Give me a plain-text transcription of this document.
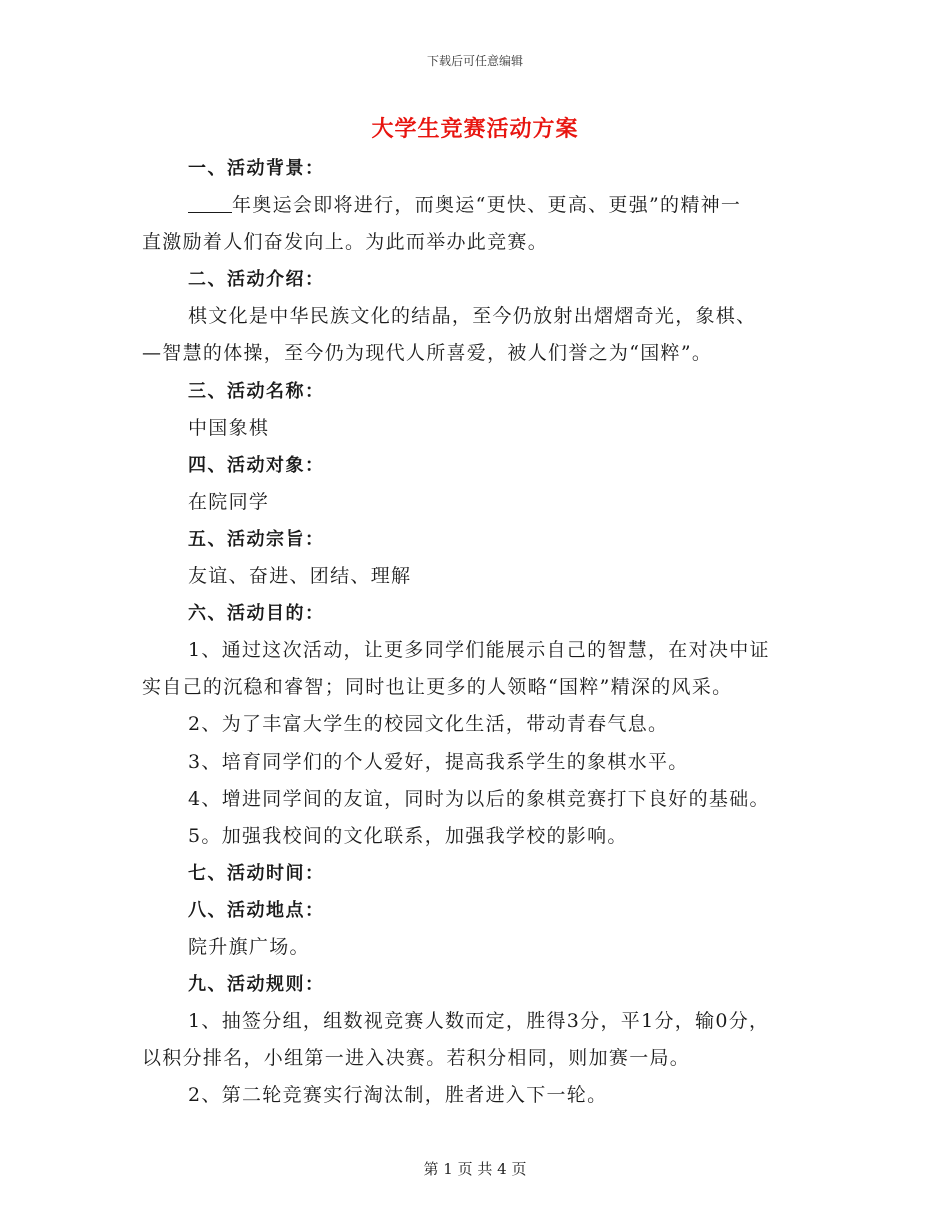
下载后可任意编辑
大学生竞赛活动方案
一、活动背景：
年奥运会即将进行，而奥运“更快、更高、更强”的精神一
直激励着人们奋发向上。为此而举办此竞赛。
二、活动介绍：
棋文化是中华民族文化的结晶，至今仍放射出熠熠奇光，象棋、
—智慧的体操，至今仍为现代人所喜爱，被人们誉之为“国粹”。
三、活动名称：
中国象棋
四、活动对象：
在院同学
五、活动宗旨：
友谊、奋进、团结、理解
六、活动目的：
1、通过这次活动，让更多同学们能展示自己的智慧，在对决中证
实自己的沉稳和睿智；同时也让更多的人领略“国粹”精深的风采。
2、为了丰富大学生的校园文化生活，带动青春气息。
3、培育同学们的个人爱好，提高我系学生的象棋水平。
4、增进同学间的友谊，同时为以后的象棋竞赛打下良好的基础。
5。加强我校间的文化联系，加强我学校的影响。
七、活动时间：
八、活动地点：
院升旗广场。
九、活动规则：
1、抽签分组，组数视竞赛人数而定，胜得3分，平1分，输0分，
以积分排名，小组第一进入决赛。若积分相同，则加赛一局。
2、第二轮竞赛实行淘汰制，胜者进入下一轮。
第 1 页 共 4 页
